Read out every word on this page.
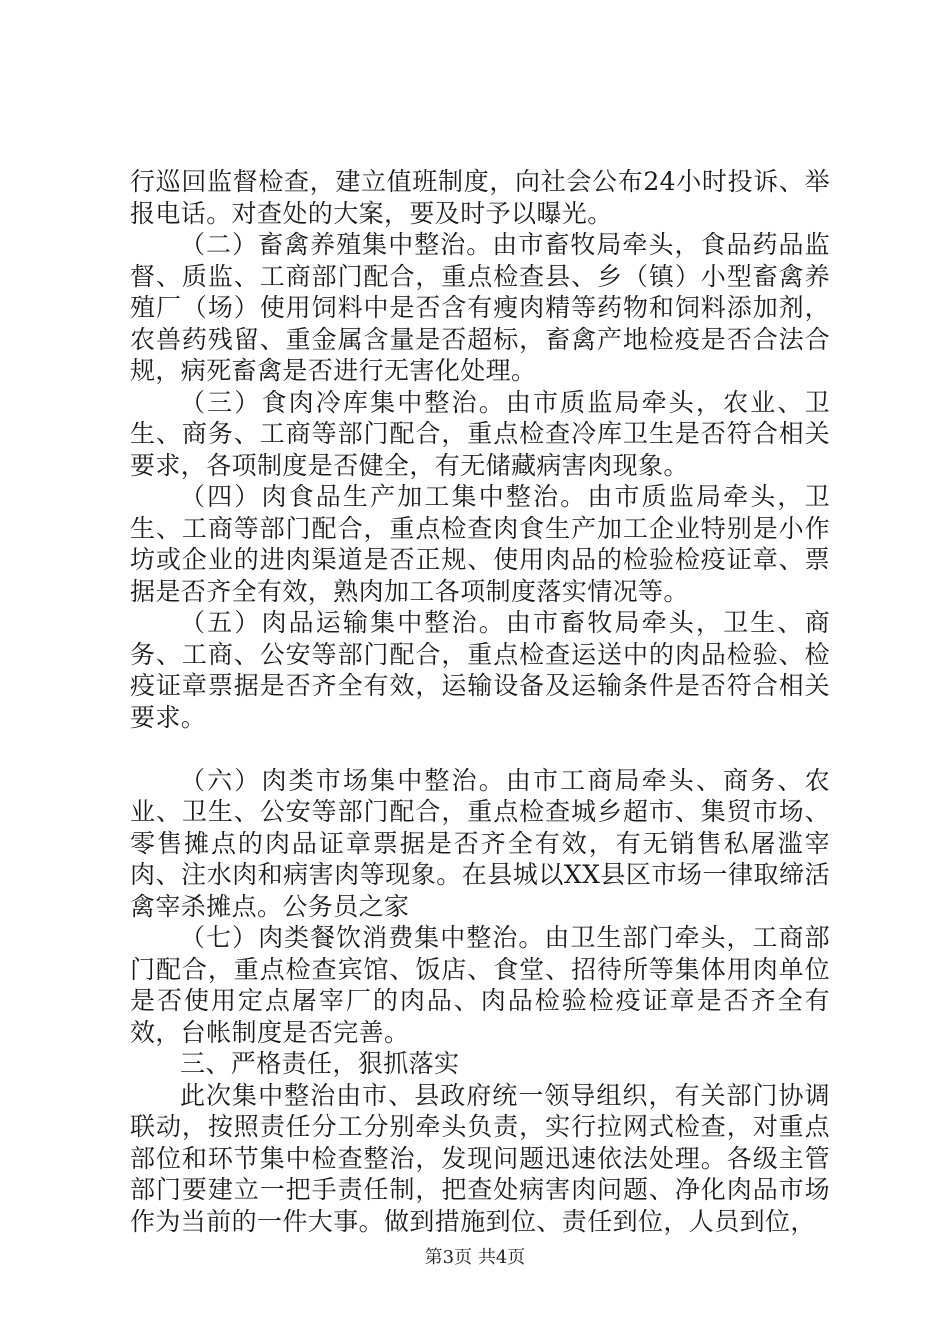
行巡回监督检查，建立值班制度，向社会公布24小时投诉、举报电话。对查处的大案，要及时予以曝光。

（二）畜禽养殖集中整治。由市畜牧局牵头，食品药品监督、质监、工商部门配合，重点检查县、乡（镇）小型畜禽养殖厂（场）使用饲料中是否含有瘦肉精等药物和饲料添加剂，农兽药残留、重金属含量是否超标，畜禽产地检疫是否合法合规，病死畜禽是否进行无害化处理。

（三）食肉冷库集中整治。由市质监局牵头，农业、卫生、商务、工商等部门配合，重点检查冷库卫生是否符合相关要求，各项制度是否健全，有无储藏病害肉现象。

（四）肉食品生产加工集中整治。由市质监局牵头，卫生、工商等部门配合，重点检查肉食生产加工企业特别是小作坊或企业的进肉渠道是否正规、使用肉品的检验检疫证章、票据是否齐全有效，熟肉加工各项制度落实情况等。

（五）肉品运输集中整治。由市畜牧局牵头，卫生、商务、工商、公安等部门配合，重点检查运送中的肉品检验、检疫证章票据是否齐全有效，运输设备及运输条件是否符合相关要求。

（六）肉类市场集中整治。由市工商局牵头、商务、农业、卫生、公安等部门配合，重点检查城乡超市、集贸市场、零售摊点的肉品证章票据是否齐全有效，有无销售私屠滥宰肉、注水肉和病害肉等现象。在县城以XX县区市场一律取缔活禽宰杀摊点。公务员之家

（七）肉类餐饮消费集中整治。由卫生部门牵头，工商部门配合，重点检查宾馆、饭店、食堂、招待所等集体用肉单位是否使用定点屠宰厂的肉品、肉品检验检疫证章是否齐全有效，台帐制度是否完善。

三、严格责任，狠抓落实

此次集中整治由市、县政府统一领导组织，有关部门协调联动，按照责任分工分别牵头负责，实行拉网式检查，对重点部位和环节集中检查整治，发现问题迅速依法处理。各级主管部门要建立一把手责任制，把查处病害肉问题、净化肉品市场作为当前的一件大事。做到措施到位、责任到位，人员到位，

第3页 共4页
